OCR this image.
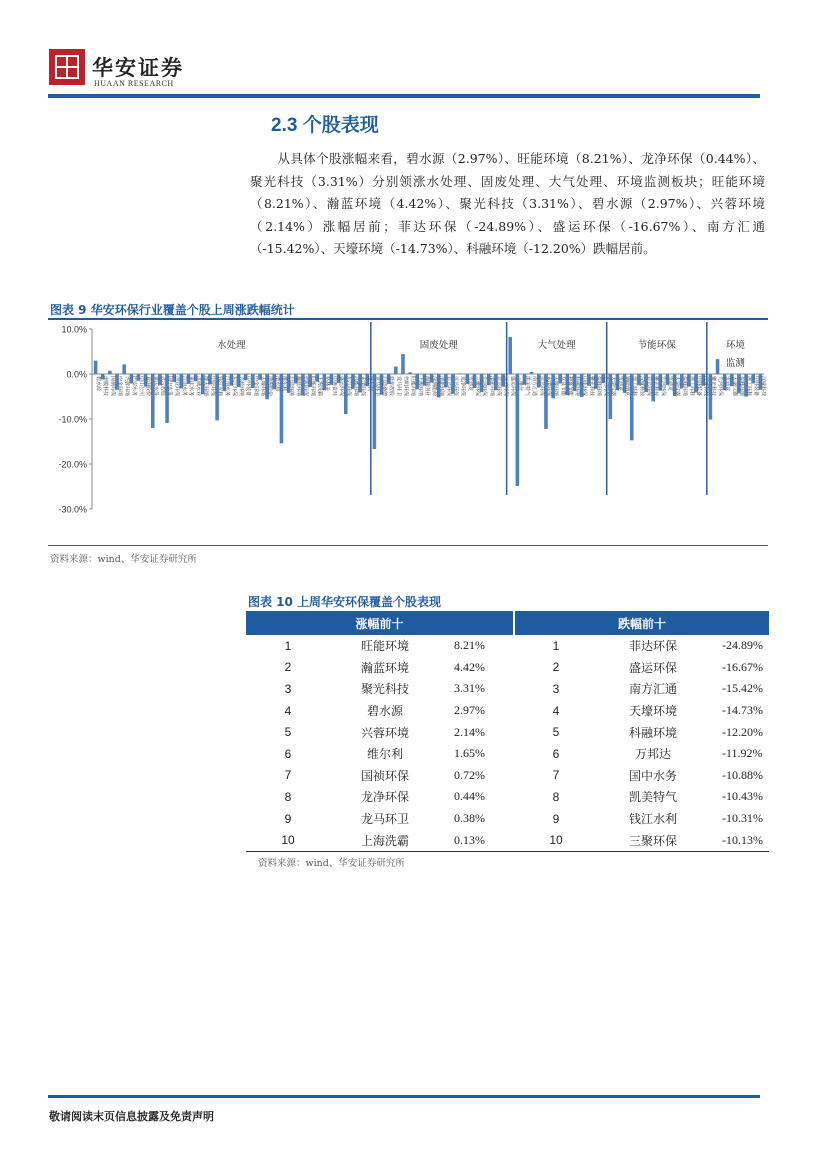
华安证券
HUAAN RESEARCH
2.3 个股表现
从具体个股涨幅来看，碧水源（2.97%）、旺能环境（8.21%）、龙净环保（0.44%）、聚光科技（3.31%）分别领涨水处理、固废处理、大气处理、环境监测板块；旺能环境（8.21%）、瀚蓝环境（4.42%）、聚光科技（3.31%）、碧水源（2.97%）、兴蓉环境（2.14%）涨幅居前；菲达环保（-24.89%）、盛运环保（-16.67%）、南方汇通（-15.42%）、天壕环境（-14.73%）、科融环境（-12.20%）跌幅居前。
图表 9 华安环保行业覆盖个股上周涨跌幅统计
10.0%
0.0%
-10.0%
-20.0%
-30.0%
碧水源 津膜科技 国祯环保 中金环境 兴蓉环境 巴安水务 中山公用 首创股份 重庆水务 武汉控股 国中水务 创业环保 江南水务 重庆水务 洪城水业 博天环境 中原环保 钱江水利 江南水务 东江环保 兴源环境 中环装备 中金环境 天壕环境 渤海股份 清水源 维尔利 启迪环境 瀚蓝环境 伟明环保 旺能环境 上海洗霸 格林美 中再资环 盛运环保 东江环保 高能环境 永清环保 维尔利 龙马环卫 启迪桑德 蓝焰控股 龙马环卫 伟明环保 旺能环境 上海环境 海螺创业 深圳能源 清新环境 菲达环保 远达环保 龙净环保 雪迪龙 三聚环保 先河环保 清新环境 菲达环保 远达环保 盛运环保 三维丝 凯美特气 南方汇通 远达环保 永清环保 天壕环境 双良节能 神雾节能 科融环境 中电环保 聚光科技 盈峰环境 先河环保 天瑞仪器 雪迪龙 钢研纳克 理工环科 汉威科技 菲达环保 聚光科技 先河环保 雪迪龙 天瑞仪器 盈峰环境 理工环科 中环装备 汉威科技 聚光科技 先河环保 雪迪龙 天瑞仪器 盈峰环境 理工环科 中环装备 汉威科技
水处理	固废处理	大气处理	节能环保	环境
监测
资料来源：wind、华安证券研究所
图表 10 上周华安环保覆盖个股表现
涨幅前十			跌幅前十		
1	旺能环境	8.21%	1	菲达环保	-24.89%
2	瀚蓝环境	4.42%	2	盛运环保	-16.67%
3	聚光科技	3.31%	3	南方汇通	-15.42%
4	碧水源	2.97%	4	天壕环境	-14.73%
5	兴蓉环境	2.14%	5	科融环境	-12.20%
6	维尔利	1.65%	6	万邦达	-11.92%
7	国祯环保	0.72%	7	国中水务	-10.88%
8	龙净环保	0.44%	8	凯美特气	-10.43%
9	龙马环卫	0.38%	9	钱江水利	-10.31%
10	上海洗霸	0.13%	10	三聚环保	-10.13%
资料来源：wind、华安证券研究所
敬请阅读末页信息披露及免责声明
